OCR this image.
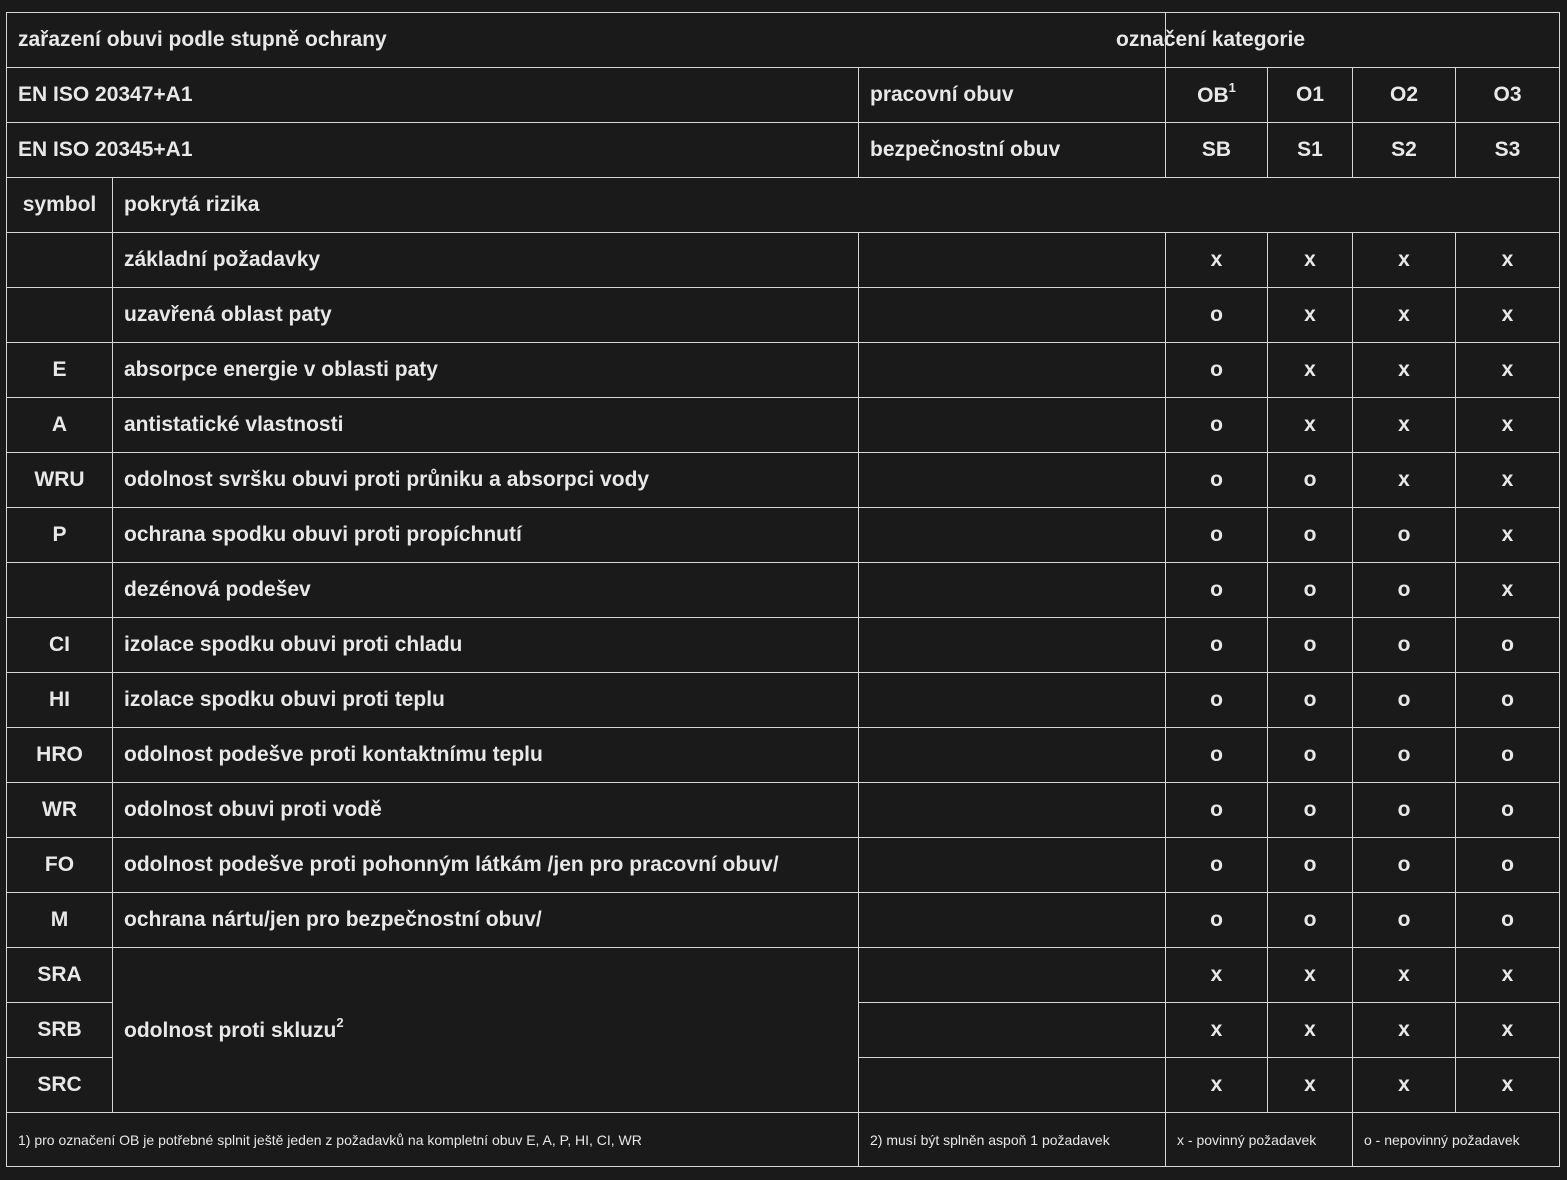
zařazení obuvi podle stupně ochrany			označení kategorie			
EN ISO 20347+A1		pracovní obuv	$OB^1$	O1	O2	O3
EN ISO 20345+A1		bezpečnostní obuv	SB	S1	S2	S3
symbol	pokrytá rizika					
	základní požadavky		x	x	x	x
	uzavřená oblast paty		o	x	x	x
E	absorpce energie v oblasti paty		o	x	x	x
A	antistatické vlastnosti		o	x	x	x
WRU	odolnost svršku obuvi proti průniku a absorpci vody		o	o	x	x
P	ochrana spodku obuvi proti propíchnutí		o	o	o	x
	dezénová podešev		o	o	o	x
CI	izolace spodku obuvi proti chladu		o	o	o	o
HI	izolace spodku obuvi proti teplu		o	o	o	o
HRO	odolnost podešve proti kontaktnímu teplu		o	o	o	o
WR	odolnost obuvi proti vodě		o	o	o	o
FO	odolnost podešve proti pohonným látkám /jen pro pracovní obuv/		o	o	o	o
M	ochrana nártu/jen pro bezpečnostní obuv/		o	o	o	o
SRA	odolnost proti skluzu$^2$		x	x	x	x
SRB			x	x	x	x
SRC			x	x	x	x
1) pro označení OB je potřebné splnit ještě jeden z požadavků na kompletní obuv E, A, P, HI, CI, WR		2) musí být splněn aspoň 1 požadavek	x - povinný požadavek		o - nepovinný požadavek	
